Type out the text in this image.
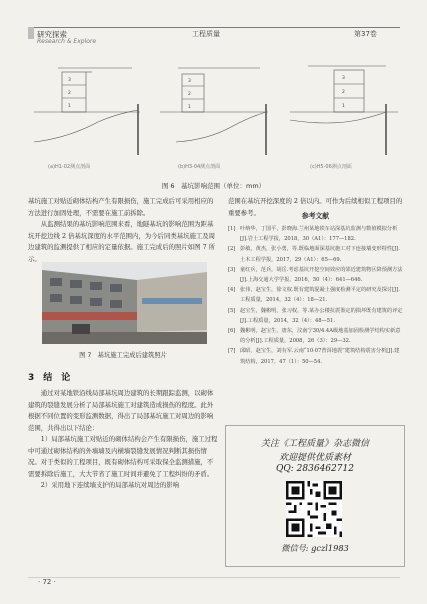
研究探索
Research & Explore
工程质量	第37卷
3
2
1
3
2
1
3
2
1
(a)H1-02测点剖面	(b)H3-04测点剖面	(c)H5-06测点剖面
图 6　基坑影响范围（单位：mm）

基坑施工对贴近砌体结构产生有限损伤，施工完成后可采用相应的方法进行加固处理，不需要在施工前拆除。

从监测结果的基坑影响范围来看，地隧基坑的影响范围为距基坑开挖边线 2 倍基坑深度的水平范围内，为今后同类基坑施工及周边建筑的监测提供了相应的定量依据。施工完成后的照片如图 7 所示。

图 7　基坑施工完成后建筑照片
3　结　论

通过对某地铁沿线局部基坑周边建筑的长期跟踪监测，以砌体建筑的裂缝发展分析了局部基坑施工对建筑造成损伤的程度。此外根据不同位置的变形监测数据，得出了局部基坑施工对周边的影响范围，共得出以下结论：

1）局部基坑施工对贴近的砌体结构会产生有限损伤，施工过程中可通过砌体结构的外墙墙及内横墙裂缝发展情况判断其损伤情况。对于类似的工程项目，既有砌体结构可采取保全监测措施，不需要拆除后施工，大大节省了施工时间并避免了工程纠纷的矛盾。

2）采用地下连续墙支护的局部基坑对周边的影响

范围在基坑开挖深度的 2 倍以内。可作为后续相似工程项目的重要参考。	参考文献
[1] 叶纳华，丁国平，彭晓海.兰州某地铁车站深基坑监测与数值模拟分析[J].岩土工程学报，2018，30（A1）：177—182.
[2] 彭敏，黄杰，张小勇，等.既临地面深基坑施工对下连接墙变形特性[J].土木工程学报，2017，29（A1）：65—69.
[3] 童红兵，范兵，胡岳.考虑基坑开挖空间效应的邻近建筑物区降预测方法[J].上海交通大学学报，2016，50（4）：641—646.
[4] 张伟，赵宝生，徐文权.既有建筑混凝土强度检测平定的研究及探讨[J].工程质量，2014，32（4）：18—21.
[5] 赵宝生，魏彬明，张习权，等.某办公楼抗震鉴定的损坏既有建筑的评定[J].工程质量，2014，32（4）：48—51.
[6] 魏彬明，赵宝生，唐东，汶南宁30/4.4A级地基加固检测学结构实新意的分析[J].工程质量，2008，26（3）：29—32.
[7] 邱昭，赵宝生，刘有军.云南“10·07普洱地震”建筑结构震害分析[J].建筑结构，2017，47（1）：50—54.
关注《工程质量》杂志微信
欢迎提供优质素材
QQ: 2836462712
微信号: gczl1983
· 72 ·
